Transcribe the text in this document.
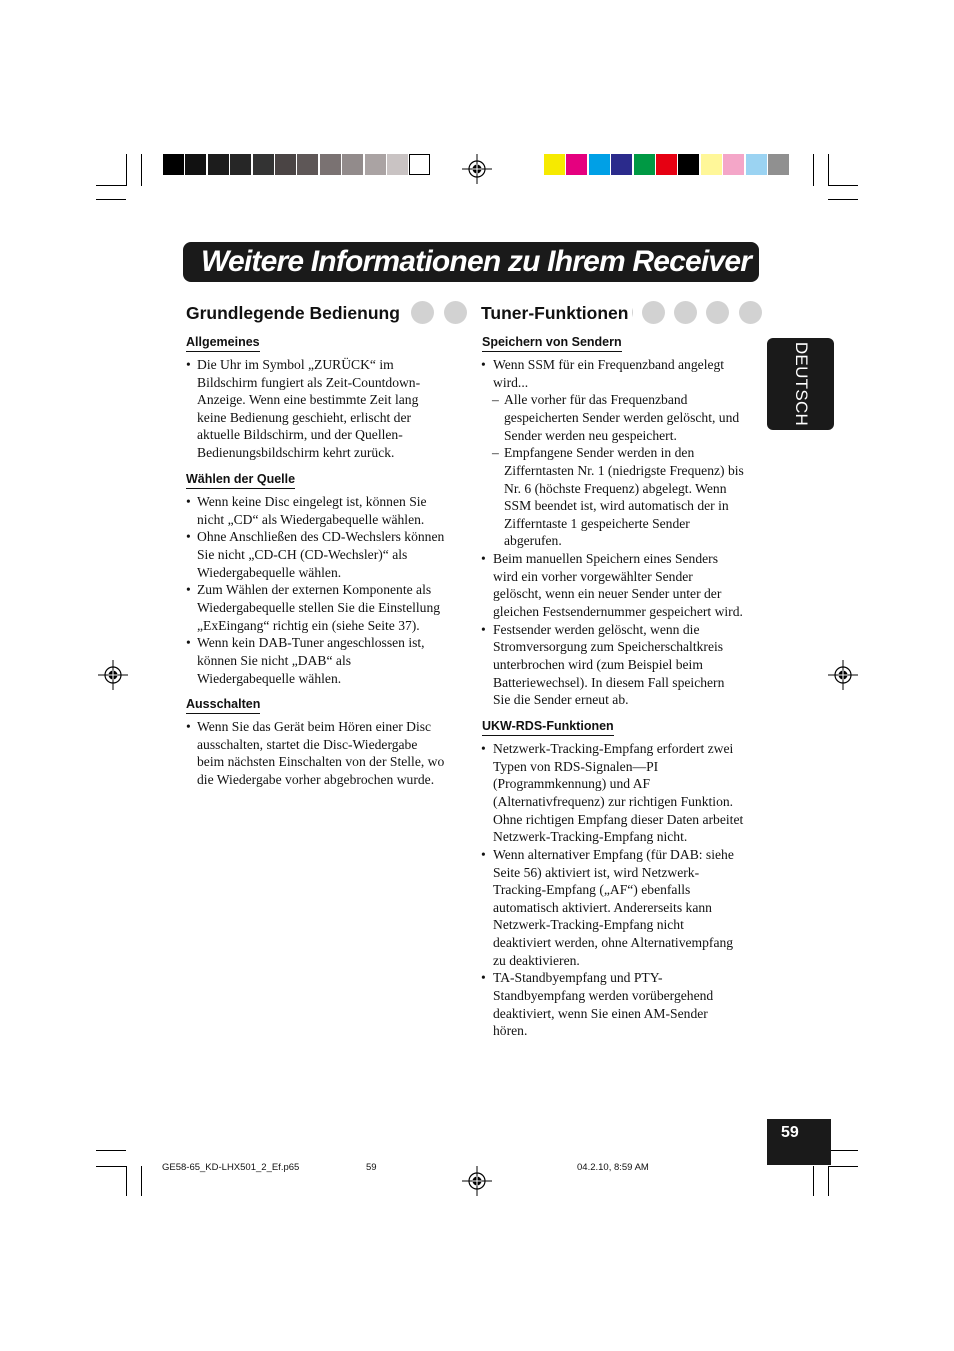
Weitere Informationen zu Ihrem Receiver
DEUTSCH
Grundlegende Bedienung	Tuner-Funktionen
Allgemeines
• Die Uhr im Symbol „ZURÜCK“ im
Bildschirm fungiert als Zeit-Countdown-
Anzeige. Wenn eine bestimmte Zeit lang
keine Bedienung geschieht, erlischt der
aktuelle Bildschirm, und der Quellen-
Bedienungsbildschirm kehrt zurück.
Wählen der Quelle
• Wenn keine Disc eingelegt ist, können Sie
nicht „CD“ als Wiedergabequelle wählen.
• Ohne Anschließen des CD-Wechslers können
Sie nicht „CD-CH (CD-Wechsler)“ als
Wiedergabequelle wählen.
• Zum Wählen der externen Komponente als
Wiedergabequelle stellen Sie die Einstellung
„ExEingang“ richtig ein (siehe Seite 37).
• Wenn kein DAB-Tuner angeschlossen ist,
können Sie nicht „DAB“ als
Wiedergabequelle wählen.
Ausschalten
• Wenn Sie das Gerät beim Hören einer Disc
ausschalten, startet die Disc-Wiedergabe
beim nächsten Einschalten von der Stelle, wo
die Wiedergabe vorher abgebrochen wurde.
Speichern von Sendern
• Wenn SSM für ein Frequenzband angelegt
wird...
– Alle vorher für das Frequenzband
gespeicherten Sender werden gelöscht, und
Sender werden neu gespeichert.
– Empfangene Sender werden in den
Zifferntasten Nr. 1 (niedrigste Frequenz) bis
Nr. 6 (höchste Frequenz) abgelegt. Wenn
SSM beendet ist, wird automatisch der in
Zifferntaste 1 gespeicherte Sender
abgerufen.
• Beim manuellen Speichern eines Senders
wird ein vorher vorgewählter Sender
gelöscht, wenn ein neuer Sender unter der
gleichen Festsendernummer gespeichert wird.
• Festsender werden gelöscht, wenn die
Stromversorgung zum Speicherschaltkreis
unterbrochen wird (zum Beispiel beim
Batteriewechsel). In diesem Fall speichern
Sie die Sender erneut ab.
UKW-RDS-Funktionen
• Netzwerk-Tracking-Empfang erfordert zwei
Typen von RDS-Signalen—PI
(Programmkennung) und AF
(Alternativfrequenz) zur richtigen Funktion.
Ohne richtigen Empfang dieser Daten arbeitet
Netzwerk-Tracking-Empfang nicht.
• Wenn alternativer Empfang (für DAB: siehe
Seite 56) aktiviert ist, wird Netzwerk-
Tracking-Empfang („AF“) ebenfalls
automatisch aktiviert. Andererseits kann
Netzwerk-Tracking-Empfang nicht
deaktiviert werden, ohne Alternativempfang
zu deaktivieren.
• TA-Standbyempfang und PTY-
Standbyempfang werden vorübergehend
deaktiviert, wenn Sie einen AM-Sender
hören.
59
GE58-65_KD-LHX501_2_Ef.p65	59	04.2.10, 8:59 AM
